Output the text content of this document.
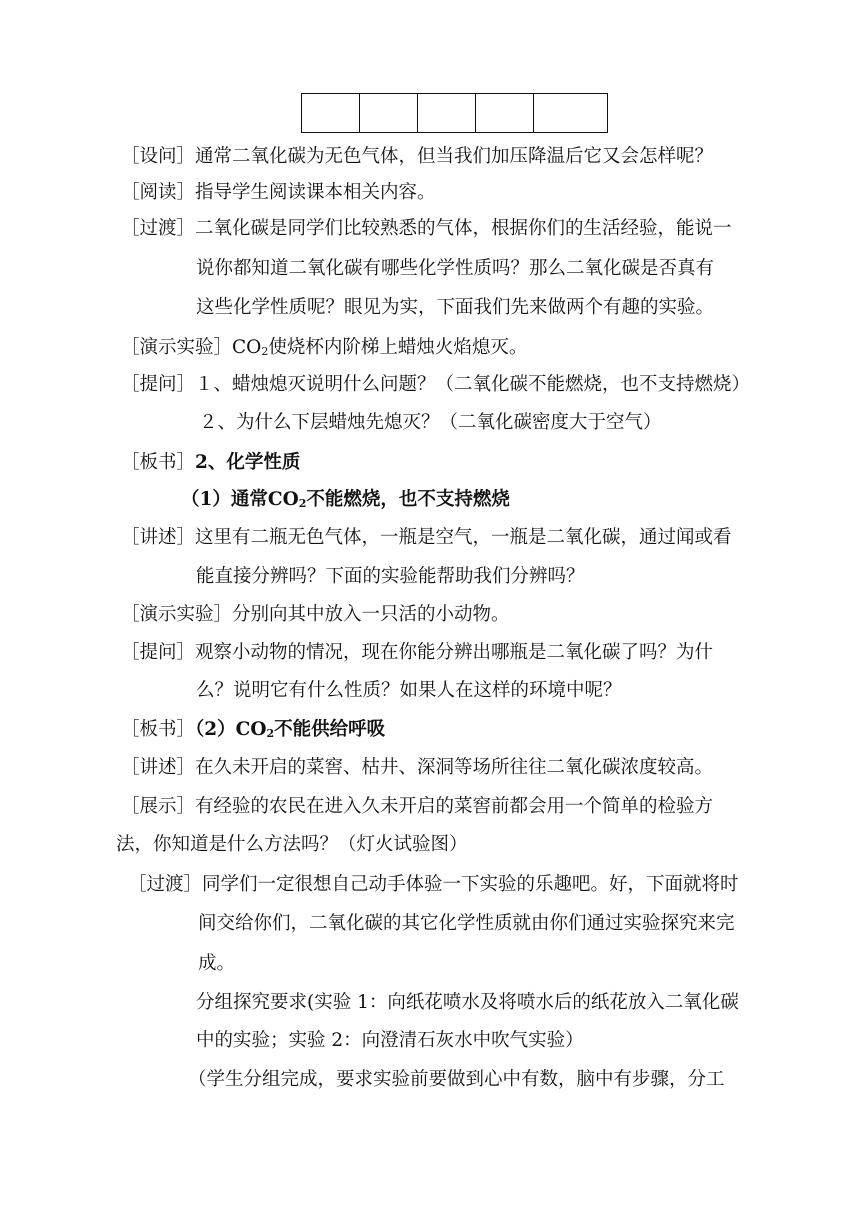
［设问］通常二氧化碳为无色气体，但当我们加压降温后它又会怎样呢？
［阅读］指导学生阅读课本相关内容。
［过渡］二氧化碳是同学们比较熟悉的气体，根据你们的生活经验，能说一
说你都知道二氧化碳有哪些化学性质吗？那么二氧化碳是否真有
这些化学性质呢？眼见为实，下面我们先来做两个有趣的实验。
［演示实验$]CO_2$使烧杯内阶梯上蜡烛火焰熄灭。
［提问］１、蜡烛熄灭说明什么问题？（二氧化碳不能燃烧，也不支持燃烧）
２、为什么下层蜡烛先熄灭？（二氧化碳密度大于空气）
［板书］2、化学性质
（1）通常$CO_2$不能燃烧，也不支持燃烧
［讲述］这里有二瓶无色气体，一瓶是空气，一瓶是二氧化碳，通过闻或看
能直接分辨吗？下面的实验能帮助我们分辨吗？
［演示实验］分别向其中放入一只活的小动物。
［提问］观察小动物的情况，现在你能分辨出哪瓶是二氧化碳了吗？为什
么？说明它有什么性质？如果人在这样的环境中呢？
［板书$](2)CO_2$不能供给呼吸
［讲述］在久未开启的菜窖、枯井、深洞等场所往往二氧化碳浓度较高。
［展示］有经验的农民在进入久未开启的菜窖前都会用一个简单的检验方
法，你知道是什么方法吗？（灯火试验图）
［过渡］同学们一定很想自己动手体验一下实验的乐趣吧。好，下面就将时
间交给你们，二氧化碳的其它化学性质就由你们通过实验探究来完
成。
分组探究要求(实验 1：向纸花喷水及将喷水后的纸花放入二氧化碳
中的实验；实验 2：向澄清石灰水中吹气实验）
（学生分组完成，要求实验前要做到心中有数，脑中有步骤，分工
